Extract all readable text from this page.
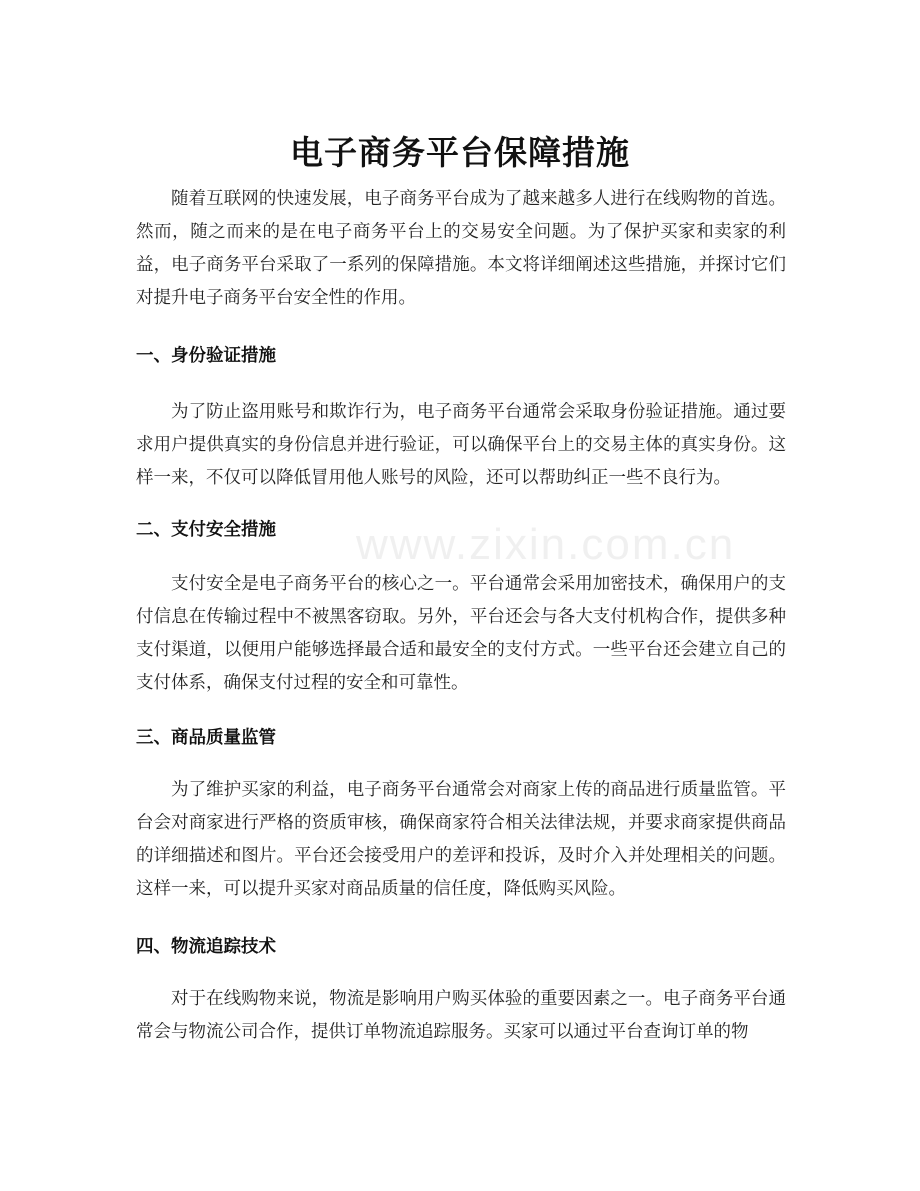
电子商务平台保障措施

随着互联网的快速发展，电子商务平台成为了越来越多人进行在线购物的首选。然而，随之而来的是在电子商务平台上的交易安全问题。为了保护买家和卖家的利益，电子商务平台采取了一系列的保障措施。本文将详细阐述这些措施，并探讨它们对提升电子商务平台安全性的作用。

一、身份验证措施

为了防止盗用账号和欺诈行为，电子商务平台通常会采取身份验证措施。通过要求用户提供真实的身份信息并进行验证，可以确保平台上的交易主体的真实身份。这样一来，不仅可以降低冒用他人账号的风险，还可以帮助纠正一些不良行为。

二、支付安全措施

支付安全是电子商务平台的核心之一。平台通常会采用加密技术，确保用户的支付信息在传输过程中不被黑客窃取。另外，平台还会与各大支付机构合作，提供多种支付渠道，以便用户能够选择最合适和最安全的支付方式。一些平台还会建立自己的支付体系，确保支付过程的安全和可靠性。

三、商品质量监管

为了维护买家的利益，电子商务平台通常会对商家上传的商品进行质量监管。平台会对商家进行严格的资质审核，确保商家符合相关法律法规，并要求商家提供商品的详细描述和图片。平台还会接受用户的差评和投诉，及时介入并处理相关的问题。这样一来，可以提升买家对商品质量的信任度，降低购买风险。

四、物流追踪技术

对于在线购物来说，物流是影响用户购买体验的重要因素之一。电子商务平台通常会与物流公司合作，提供订单物流追踪服务。买家可以通过平台查询订单的物

www.zixin.com.cn
